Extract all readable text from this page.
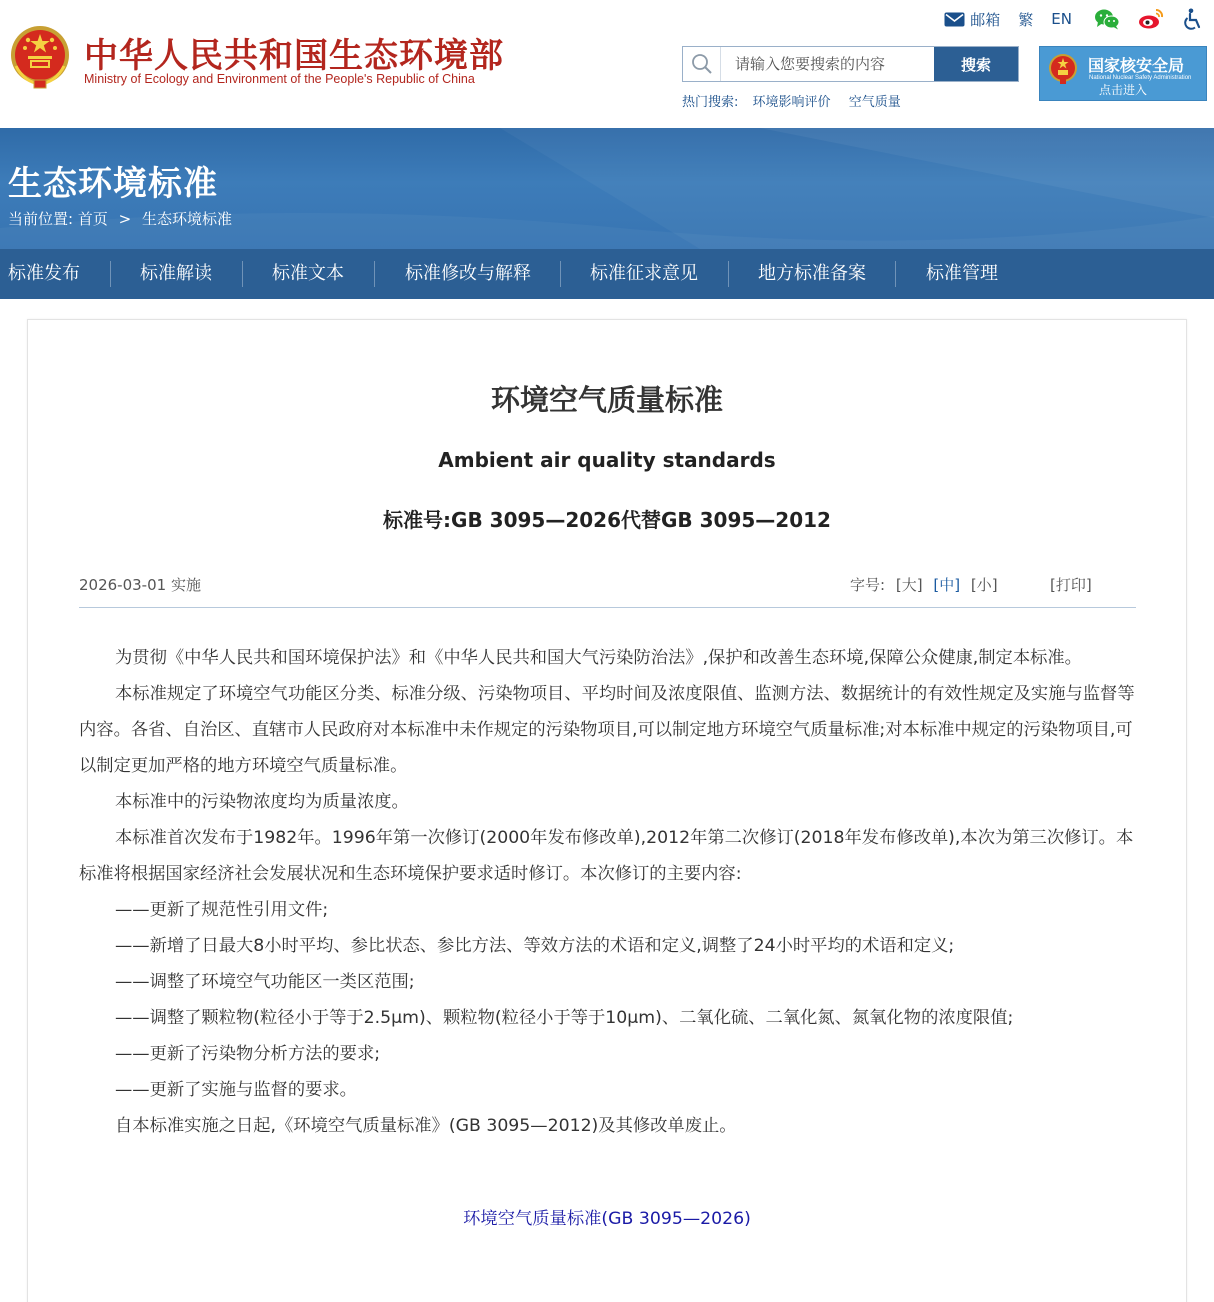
中华人民共和国生态环境部
Ministry of Ecology and Environment of the People's Republic of China
邮箱 繁 EN
请输入您要搜索的内容
搜索
热门搜索: 环境影响评价 空气质量
国家核安全局
National Nuclear Safety Administration
点击进入
生态环境标准
当前位置: 首页 > 生态环境标准
标准发布	标准解读	标准文本	标准修改与解释	标准征求意见	地方标准备案	标准管理
环境空气质量标准
Ambient air quality standards
标准号:GB 3095—2026代替GB 3095—2012
2026-03-01 实施	字号: [大] [中] [小]	[打印]

为贯彻《中华人民共和国环境保护法》和《中华人民共和国大气污染防治法》,保护和改善生态环境,保障公众健康,制定本标准。

本标准规定了环境空气功能区分类、标准分级、污染物项目、平均时间及浓度限值、监测方法、数据统计的有效性规定及实施与监督等内容。各省、自治区、直辖市人民政府对本标准中未作规定的污染物项目,可以制定地方环境空气质量标准;对本标准中规定的污染物项目,可以制定更加严格的地方环境空气质量标准。

本标准中的污染物浓度均为质量浓度。

本标准首次发布于1982年。1996年第一次修订(2000年发布修改单),2012年第二次修订(2018年发布修改单),本次为第三次修订。本标准将根据国家经济社会发展状况和生态环境保护要求适时修订。本次修订的主要内容:

——更新了规范性引用文件;

——新增了日最大8小时平均、参比状态、参比方法、等效方法的术语和定义,调整了24小时平均的术语和定义;

——调整了环境空气功能区一类区范围;

——调整了颗粒物(粒径小于等于2.5μm)、颗粒物(粒径小于等于10μm)、二氧化硫、二氧化氮、氮氧化物的浓度限值;

——更新了污染物分析方法的要求;

——更新了实施与监督的要求。

自本标准实施之日起,《环境空气质量标准》(GB 3095—2012)及其修改单废止。

环境空气质量标准(GB 3095—2026)
